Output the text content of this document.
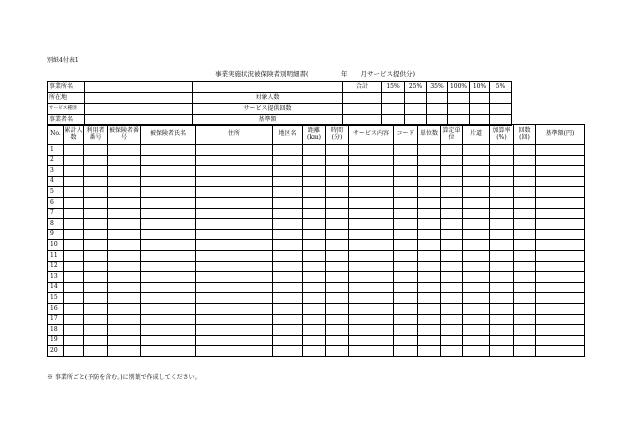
別紙4付表1
事業実施状況被保険者別明細書(　　　　　年　　月サービス提供分)
事業所名			合計	15%	25%	35%	100%	10%	5%
所在地		対象人数							
サービス種別		サービス提供回数							
事業者名		基準額							
No.	累計人数	利用者番号	被保険者番号	被保険者氏名	住所	地区名	距離(km)	時間(分)	サービス内容	コード	単位数	算定単位	片道	加算率(%)	回数(回)	基準額(円)
1																
2																
3																
4																
5																
6																
7																
8																
9																
10																
11																
12																
13																
14																
15																
16																
17																
18																
19																
20																
※ 事業所ごと(予防を含む。)に別葉で作成してください。
